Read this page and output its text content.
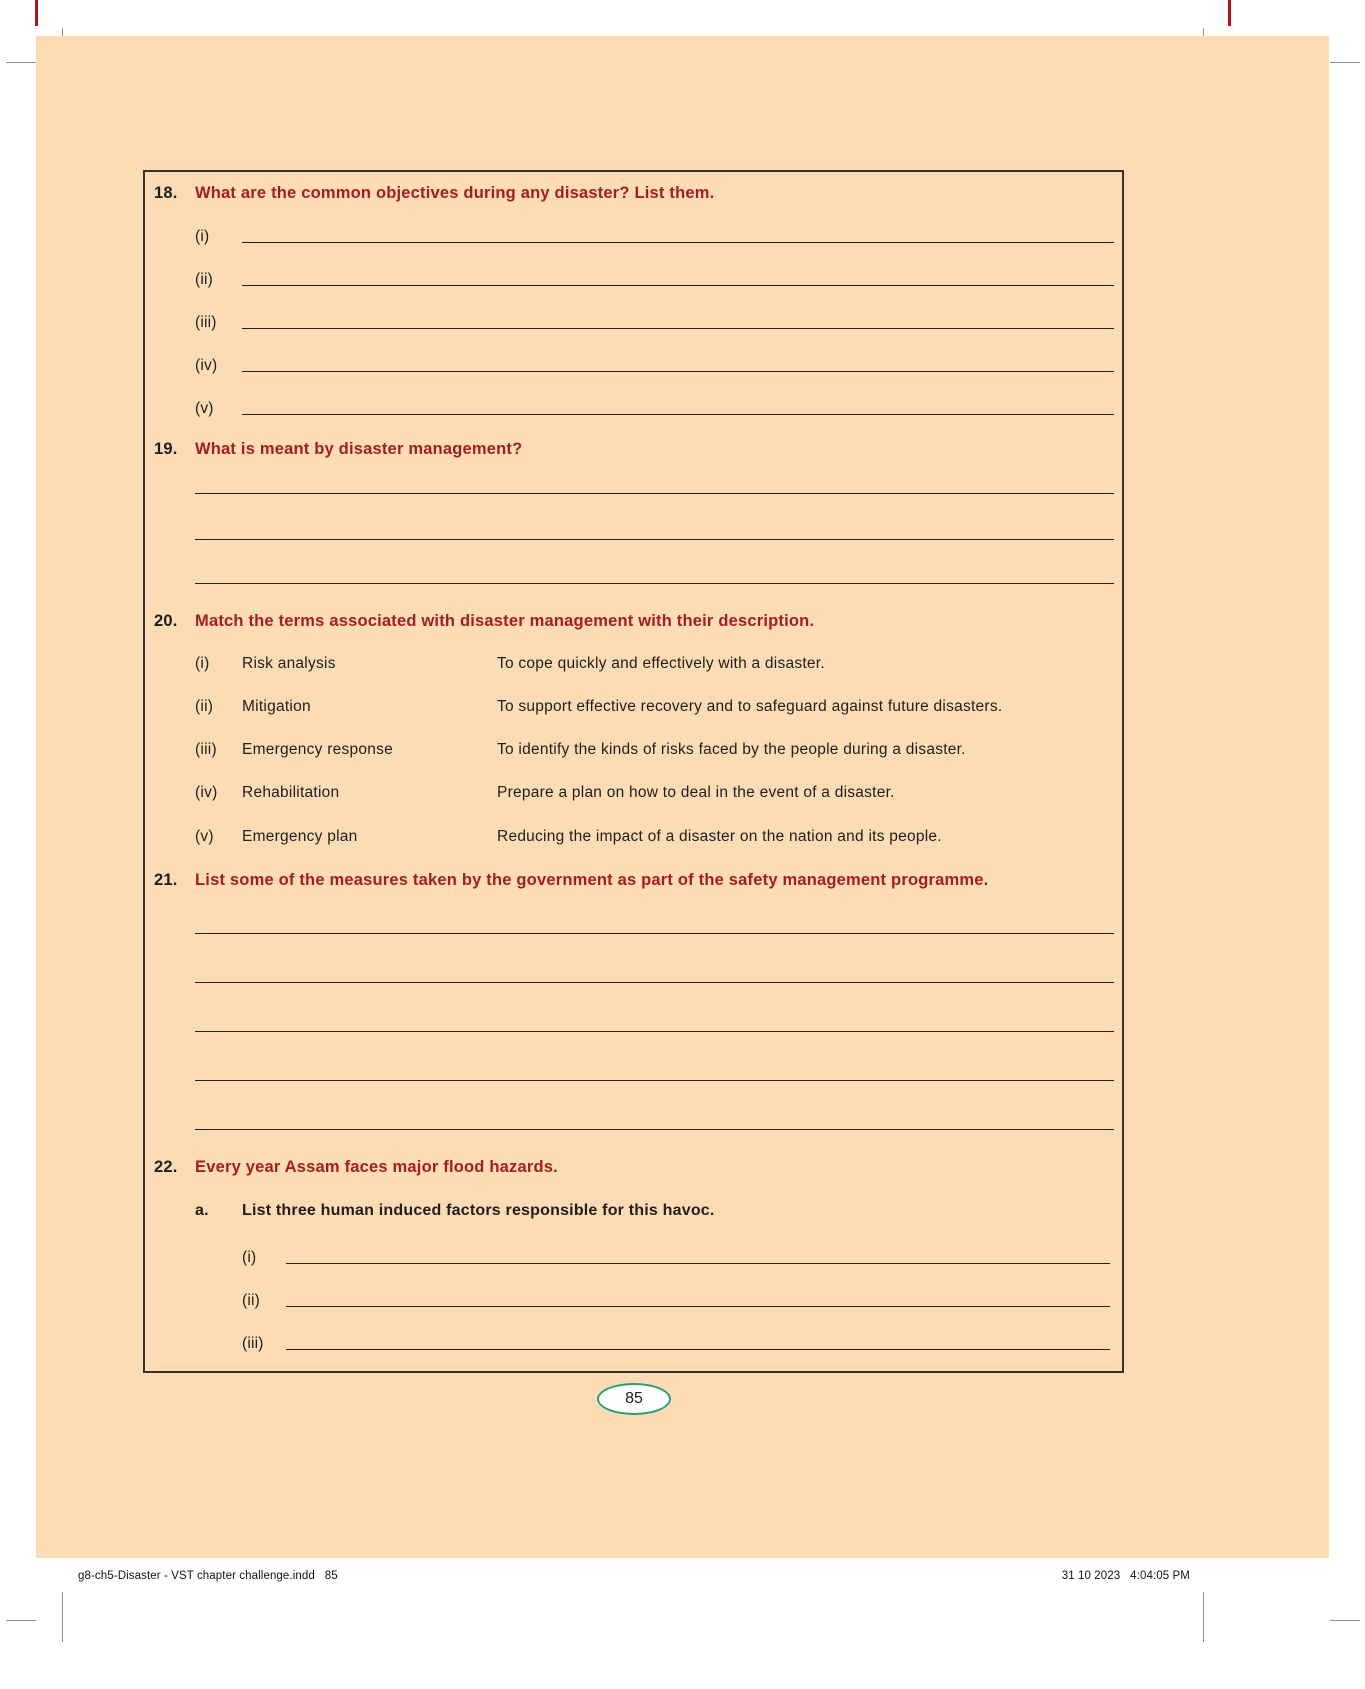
18.	What are the common objectives during any disaster? List them.
(i)
(ii)
(iii)
(iv)
(v)
19.	What is meant by disaster management?
20.	Match the terms associated with disaster management with their description.
(i)	Risk analysis	To cope quickly and effectively with a disaster.
(ii)	Mitigation	To support effective recovery and to safeguard against future disasters.
(iii)	Emergency response	To identify the kinds of risks faced by the people during a disaster.
(iv)	Rehabilitation	Prepare a plan on how to deal in the event of a disaster.
(v)	Emergency plan	Reducing the impact of a disaster on the nation and its people.
21.	List some of the measures taken by the government as part of the safety management programme.
22.	Every year Assam faces major flood hazards.
a.	List three human induced factors responsible for this havoc.
(i)
(ii)
(iii)
85
g8-ch5-Disaster - VST chapter challenge.indd   85	31 10 2023   4:04:05 PM
